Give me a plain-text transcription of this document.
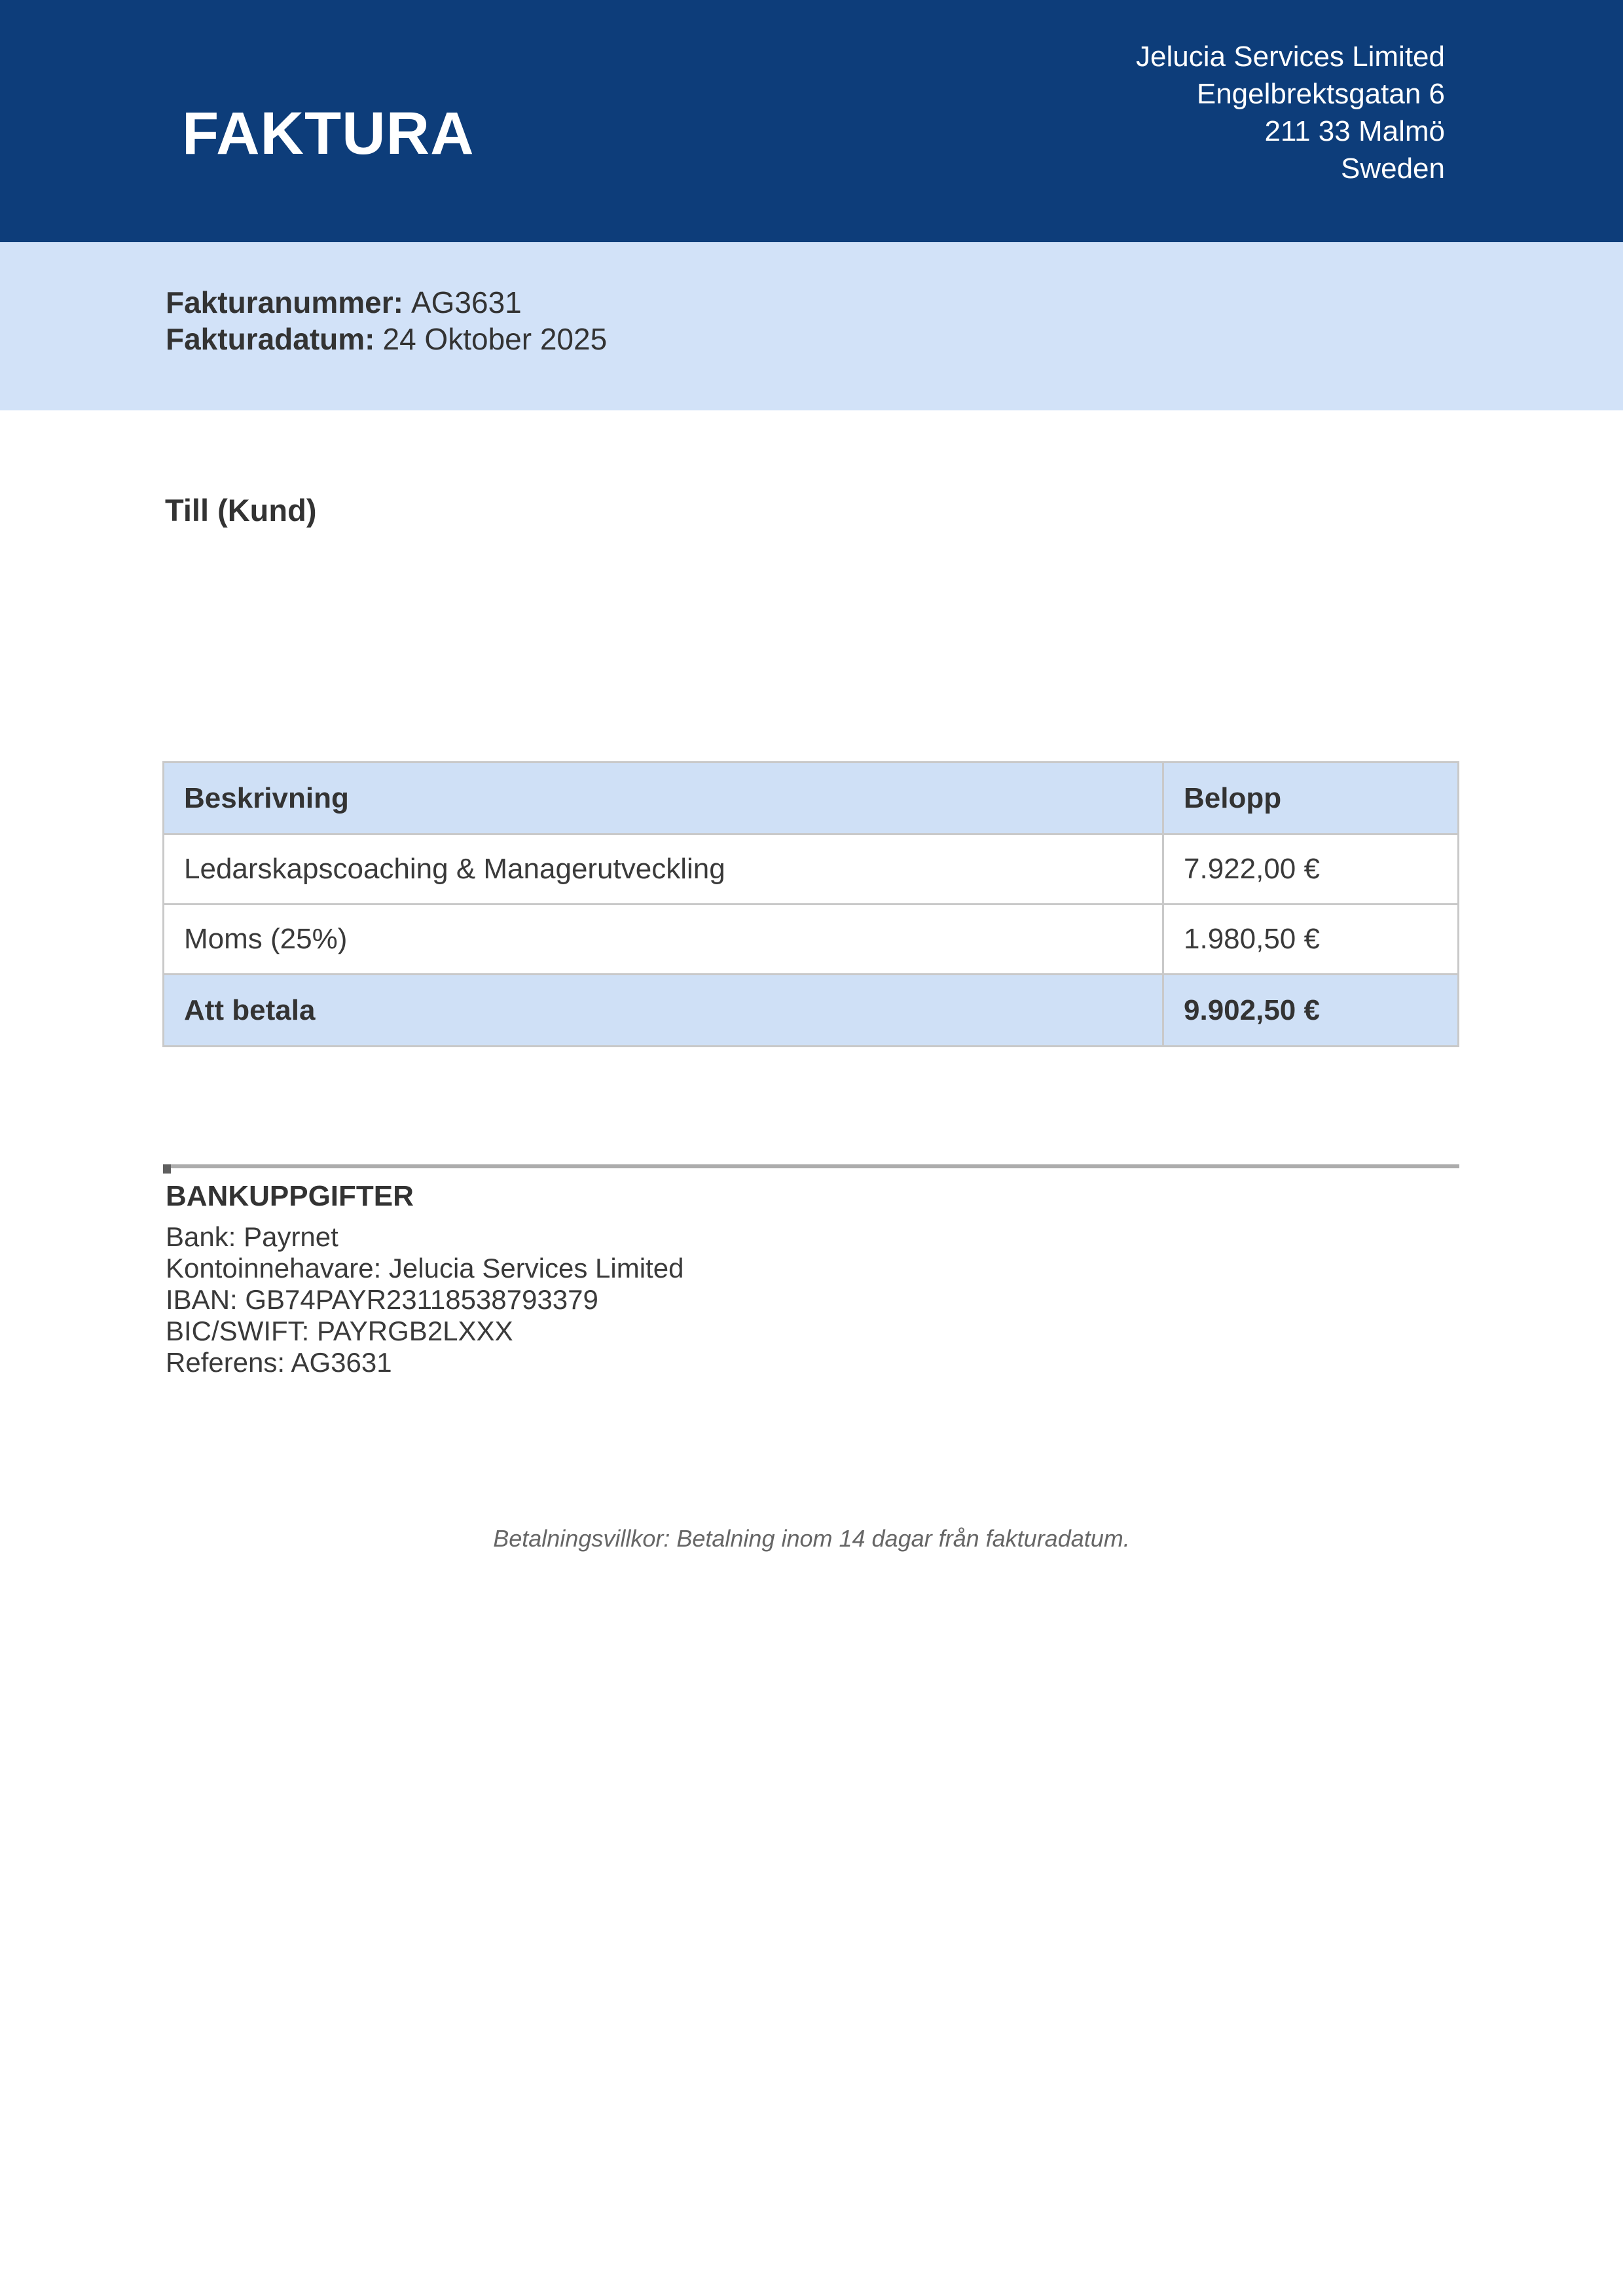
FAKTURA
Jelucia Services Limited
Engelbrektsgatan 6
211 33 Malmö
Sweden
Fakturanummer: AG3631
Fakturadatum: 24 Oktober 2025
Till (Kund)
Beskrivning	Belopp
Ledarskapscoaching & Managerutveckling	7.922,00 €
Moms (25%)	1.980,50 €
Att betala	9.902,50 €
BANKUPPGIFTER
Bank: Payrnet
Kontoinnehavare: Jelucia Services Limited
IBAN: GB74PAYR23118538793379
BIC/SWIFT: PAYRGB2LXXX
Referens: AG3631
Betalningsvillkor: Betalning inom 14 dagar från fakturadatum.
